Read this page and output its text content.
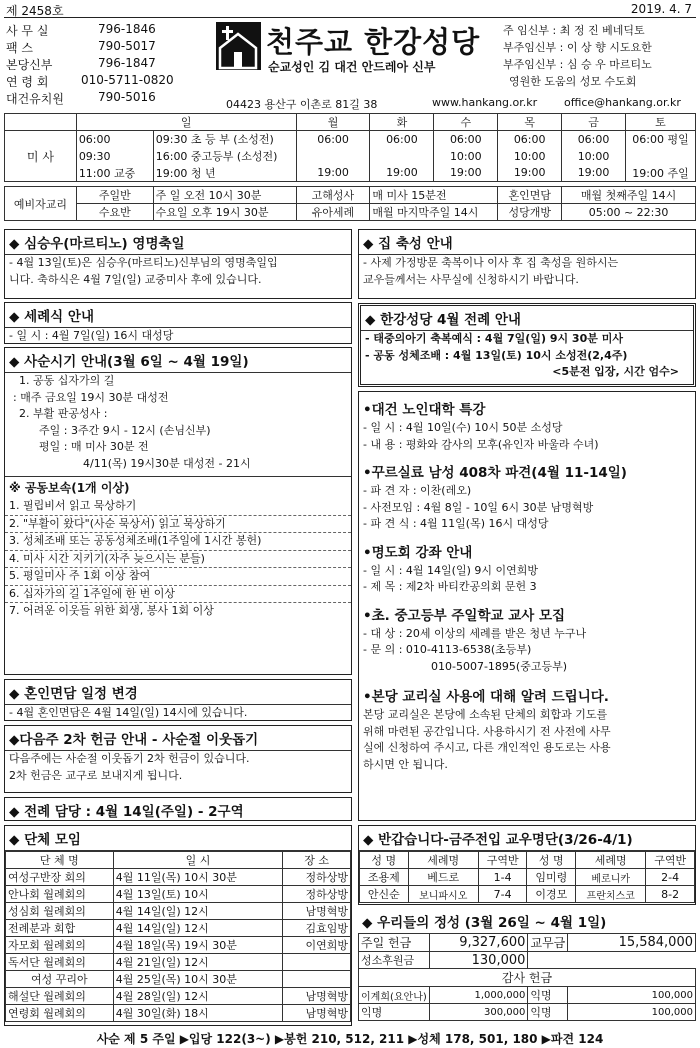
제 2458호	2019. 4. 7
사 무 실	796-1846
팩 스	790-5017
본당신부	796-1847
연 령 회	010-5711-0820
대건유치원	790-5016
천주교 한강성당
순교성인 김 대건 안드레아 신부
주 임신부 : 최 정 진 베네딕토
부주임신부 : 이 상 향 시도요한
부주임신부 : 심 승 우 마르티노
영원한 도움의 성모 수도회
04423 용산구 이촌로 81길 38	www.hankang.or.kr office@hankang.or.kr
	일		월	화	수	목	금	토
미 사	06:00	09:30 초 등 부 (소성전)	06:00	06:00	06:00	06:00	06:00	06:00 평일
	09:30	16:00 중고등부 (소성전)			10:00	10:00	10:00	
	11:00 교중	19:00 청 년	19:00	19:00	19:00	19:00	19:00	19:00 주일
예비자교리	주일반	주 일 오전 10시 30분	고해성사	매 미사 15분전	혼인면담	매월 첫째주일 14시
	수요반	수요일 오후 19시 30분	유아세례	매월 마지막주일 14시	성당개방	05:00 ~ 22:30
◆ 심승우(마르티노) 영명축일
- 4월 13일(토)은 심승우(마르티노)신부님의 영명축일입
니다. 축하식은 4월 7일(일) 교중미사 후에 있습니다.
◆ 세례식 안내
- 일 시 : 4월 7일(일) 16시 대성당
◆ 사순시기 안내(3월 6일 ~ 4월 19일)
1. 공동 십자가의 길
: 매주 금요일 19시 30분 대성전
2. 부활 판공성사 :
주일 : 3주간 9시 - 12시 (손님신부)
평일 : 매 미사 30분 전
4/11(목) 19시30분 대성전 - 21시
※ 공동보속(1개 이상)
1. 필립비서 읽고 묵상하기
2. "부활이 왔다"(사순 묵상서) 읽고 묵상하기
3. 성체조배 또는 공동성체조배(1주일에 1시간 봉헌)
4. 미사 시간 지키기(자주 늦으시는 분들)
5. 평일미사 주 1회 이상 참여
6. 십자가의 길 1주일에 한 번 이상
7. 어려운 이웃들 위한 회생, 봉사 1회 이상
◆ 혼인면담 일정 변경
- 4월 혼인면담은 4월 14일(일) 14시에 있습니다.
◆다음주 2차 헌금 안내 - 사순절 이웃돕기
다음주에는 사순절 이웃돕기 2차 헌금이 있습니다.
2차 헌금은 교구로 보내지게 됩니다.
◆ 전례 담당 : 4월 14일(주일) - 2구역
◆ 단체 모임
단 체 명	일 시	장 소
여성구반장 회의	4월 11일(목) 10시 30분	정하상방
안나회 월례회의	4월 13일(토) 10시	정하상방
성심회 월례회의	4월 14일(일) 12시	남명혁방
전례분과 회합	4월 14일(일) 12시	김효임방
자모회 월례회의	4월 18일(목) 19시 30분	이연희방
독서단 월례회의	4월 21일(일) 12시	
여성 꾸리아	4월 25일(목) 10시 30분	
해설단 월례회의	4월 28일(일) 12시	남명혁방
연령회 월례회의	4월 30일(화) 18시	남명혁방
◆ 집 축성 안내
- 사제 가정방문 축복이나 이사 후 집 축성을 원하시는
교우들께서는 사무실에 신청하시기 바랍니다.
◆ 한강성당 4월 전례 안내
- 태중의아기 축복예식 : 4월 7일(일) 9시 30분 미사
- 공동 성체조배 : 4월 13일(토) 10시 소성전(2,4주)
<5분전 입장, 시간 엄수>
•대건 노인대학 특강
- 일 시 : 4월 10일(수) 10시 50분 소성당
- 내 용 : 평화와 감사의 모후(유인자 바울라 수녀)
•꾸르실료 남성 408차 파견(4월 11-14일)
- 파 견 자 : 이찬(레오)
- 사전모임 : 4월 8일 - 10일 6시 30분 남명혁방
- 파 견 식 : 4월 11일(목) 16시 대성당
•명도회 강좌 안내
- 일 시 : 4월 14일(일) 9시 이연희방
- 제 목 : 제2차 바티칸공의회 문헌 3
•초. 중고등부 주일학교 교사 모집
- 대 상 : 20세 이상의 세례를 받은 청년 누구나
- 문 의 : 010-4113-6538(초등부)
010-5007-1895(중고등부)
•본당 교리실 사용에 대해 알려 드립니다.
본당 교리실은 본당에 소속된 단체의 회합과 기도를
위해 마련된 공간입니다. 사용하시기 전 사전에 사무
실에 신청하여 주시고, 다른 개인적인 용도로는 사용
하시면 안 됩니다.
◆ 반갑습니다-금주전입 교우명단(3/26-4/1)
성 명	세례명	구역반	성 명	세례명	구역반
조용제	베드로	1-4	임미령	베로니카	2-4
안신순	보니파시오	7-4	이경모	프란치스코	8-2
◆ 우리들의 정성 (3월 26일 ~ 4월 1일)
주일 헌금	9,327,600	교무금	15,584,000
성소후원금	130,000		
감사 헌금			
이계희(요안나)	1,000,000	익명	100,000
익명	300,000	익명	100,000
사순 제 5 주일 ▶입당 122(3~) ▶봉헌 210, 512, 211 ▶성체 178, 501, 180 ▶파견 124
